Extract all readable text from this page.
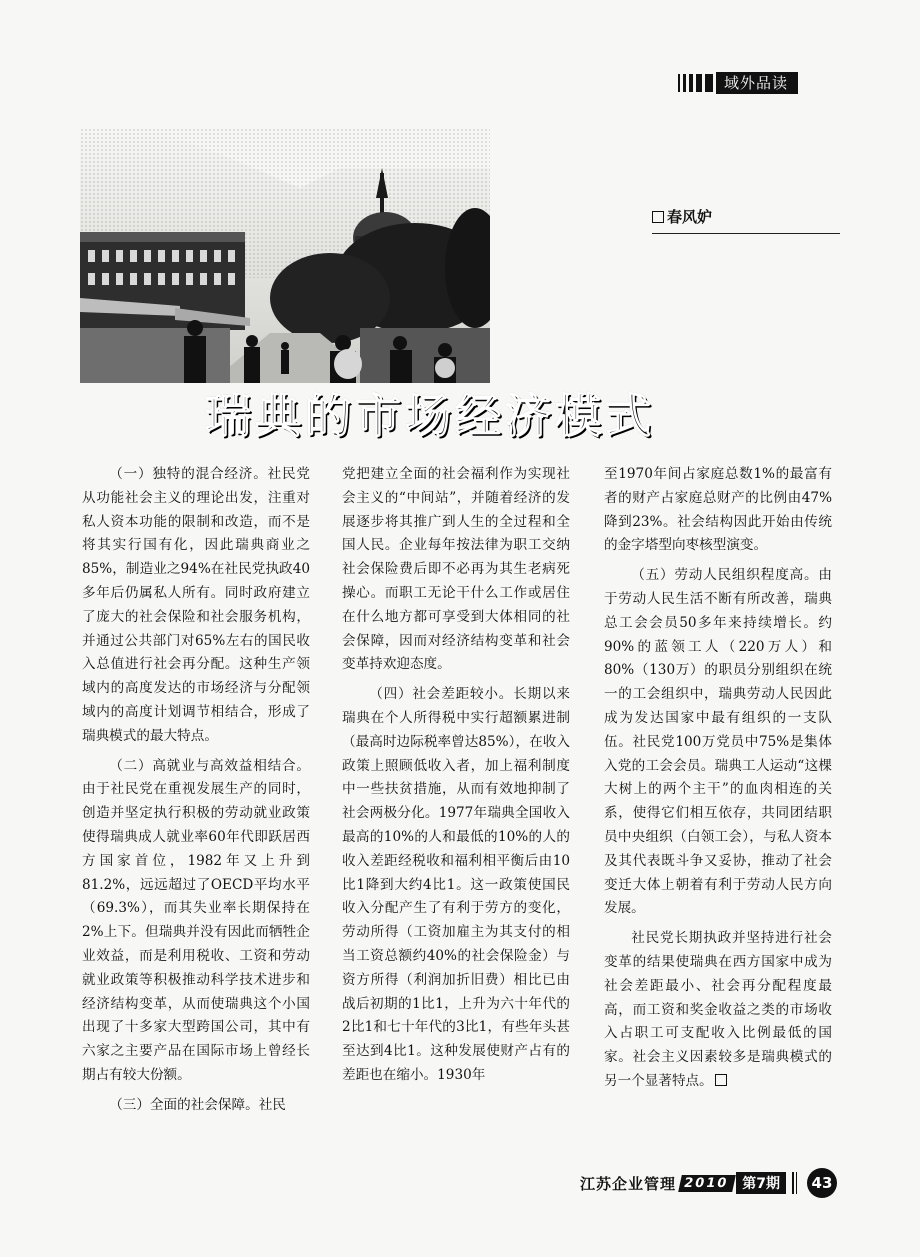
域外品读
春风妒
瑞典的市场经济模式

（一）独特的混合经济。社民党从功能社会主义的理论出发，注重对私人资本功能的限制和改造，而不是将其实行国有化，因此瑞典商业之85%，制造业之94%在社民党执政40多年后仍属私人所有。同时政府建立了庞大的社会保险和社会服务机构，并通过公共部门对65%左右的国民收入总值进行社会再分配。这种生产领域内的高度发达的市场经济与分配领域内的高度计划调节相结合，形成了瑞典模式的最大特点。

（二）高就业与高效益相结合。由于社民党在重视发展生产的同时，创造并坚定执行积极的劳动就业政策使得瑞典成人就业率60年代即跃居西方国家首位，1982年又上升到81.2%，远远超过了OECD平均水平（69.3%），而其失业率长期保持在2%上下。但瑞典并没有因此而牺牲企业效益，而是利用税收、工资和劳动就业政策等积极推动科学技术进步和经济结构变革，从而使瑞典这个小国出现了十多家大型跨国公司，其中有六家之主要产品在国际市场上曾经长期占有较大份额。

（三）全面的社会保障。社民

党把建立全面的社会福利作为实现社会主义的“中间站”，并随着经济的发展逐步将其推广到人生的全过程和全国人民。企业每年按法律为职工交纳社会保险费后即不必再为其生老病死操心。而职工无论干什么工作或居住在什么地方都可享受到大体相同的社会保障，因而对经济结构变革和社会变革持欢迎态度。

（四）社会差距较小。长期以来瑞典在个人所得税中实行超额累进制（最高时边际税率曾达85%），在收入政策上照顾低收入者，加上福利制度中一些扶贫措施，从而有效地抑制了社会两极分化。1977年瑞典全国收入最高的10%的人和最低的10%的人的收入差距经税收和福利相平衡后由10比1降到大约4比1。这一政策使国民收入分配产生了有利于劳方的变化，劳动所得（工资加雇主为其支付的相当工资总额约40%的社会保险金）与资方所得（利润加折旧费）相比已由战后初期的1比1，上升为六十年代的2比1和七十年代的3比1，有些年头甚至达到4比1。这种发展使财产占有的差距也在缩小。1930年

至1970年间占家庭总数1%的最富有者的财产占家庭总财产的比例由47%降到23%。社会结构因此开始由传统的金字塔型向枣核型演变。

（五）劳动人民组织程度高。由于劳动人民生活不断有所改善，瑞典总工会会员50多年来持续增长。约90%的蓝领工人（220万人）和80%（130万）的职员分别组织在统一的工会组织中，瑞典劳动人民因此成为发达国家中最有组织的一支队伍。社民党100万党员中75%是集体入党的工会会员。瑞典工人运动“这棵大树上的两个主干”的血肉相连的关系，使得它们相互依存，共同团结职员中央组织（白领工会），与私人资本及其代表既斗争又妥协，推动了社会变迁大体上朝着有利于劳动人民方向发展。

社民党长期执政并坚持进行社会变革的结果使瑞典在西方国家中成为社会差距最小、社会再分配程度最高，而工资和奖金收益之类的市场收入占职工可支配收入比例最低的国家。社会主义因素较多是瑞典模式的另一个显著特点。

江苏企业管理 2010 第7期	43
